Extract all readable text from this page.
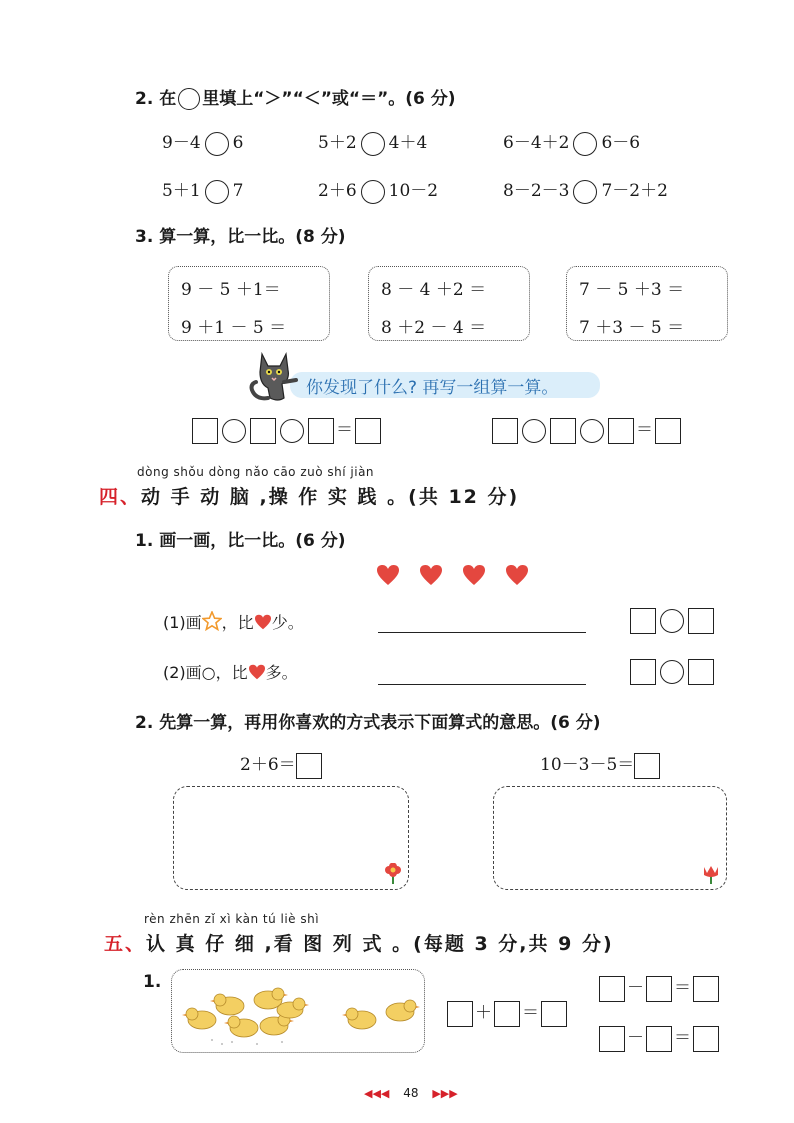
2. 在 里填上“＞”“＜”或“＝”。(6 分)
9－4 6	5＋2 4＋4	6－4＋2 6－6
5＋1 7	2＋6 10－2	8－2－3 7－2＋2
3. 算一算，比一比。(8 分)
9 － 5 ＋1＝
9 ＋1 － 5 ＝
8 － 4 ＋2 ＝
8 ＋2 － 4 ＝
7 － 5 ＋3 ＝
7 ＋3 － 5 ＝
你发现了什么? 再写一组算一算。
＝	＝
dòng shǒu dòng nǎo cāo zuò shí jiàn
四、动 手 动 脑 ,操 作 实 践 。(共 12 分)
1. 画一画，比一比。(6 分)

(1)画 ，比 少。
(2)画○，比 多。
2. 先算一算，再用你喜欢的方式表示下面算式的意思。(6 分)
2＋6＝	10－3－5＝
rèn zhēn zǐ xì kàn tú liè shì
五、认 真 仔 细 ,看 图 列 式 。(每题 3 分,共 9 分)
1.
＋ ＝
－ ＝
－ ＝
◀◀◀ 48 ▶▶▶
